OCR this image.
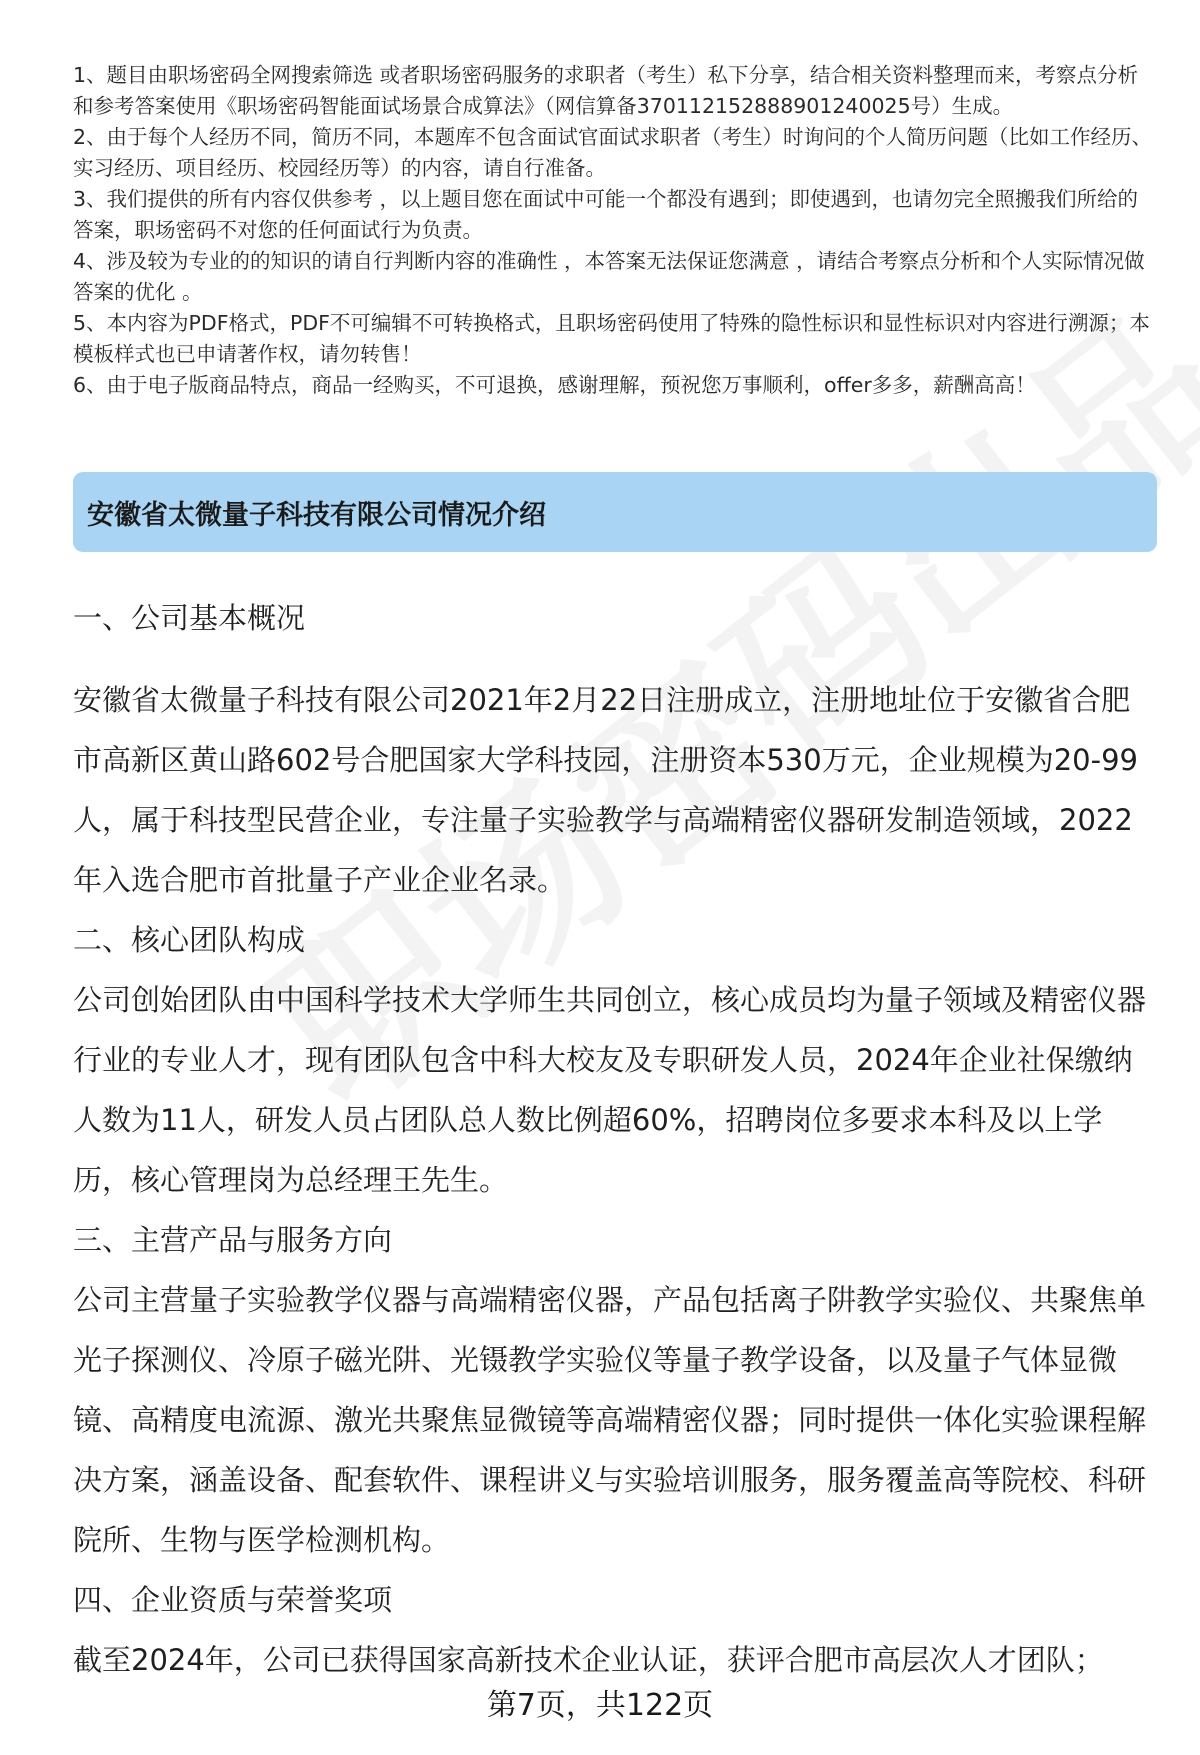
1、题目由职场密码全网搜索筛选 或者职场密码服务的求职者（考生）私下分享，结合相关资料整理而来，考察点分析和参考答案使用《职场密码智能面试场景合成算法》（网信算备370112152888901240025号）生成。

2、由于每个人经历不同，简历不同，本题库不包含面试官面试求职者（考生）时询问的个人简历问题（比如工作经历、实习经历、项目经历、校园经历等）的内容，请自行准备。

3、我们提供的所有内容仅供参考 ，以上题目您在面试中可能一个都没有遇到；即使遇到，也请勿完全照搬我们所给的答案，职场密码不对您的任何面试行为负责。

4、涉及较为专业的的知识的请自行判断内容的准确性 ，本答案无法保证您满意 ，请结合考察点分析和个人实际情况做答案的优化 。

5、本内容为PDF格式，PDF不可编辑不可转换格式，且职场密码使用了特殊的隐性标识和显性标识对内容进行溯源；本模板样式也已申请著作权，请勿转售！

6、由于电子版商品特点，商品一经购买，不可退换，感谢理解，预祝您万事顺利，offer多多，薪酬高高！

安徽省太微量子科技有限公司情况介绍

一、公司基本概况

安徽省太微量子科技有限公司2021年2月22日注册成立，注册地址位于安徽省合肥市高新区黄山路602号合肥国家大学科技园，注册资本530万元，企业规模为20-99人，属于科技型民营企业，专注量子实验教学与高端精密仪器研发制造领域，2022年入选合肥市首批量子产业企业名录。

二、核心团队构成

公司创始团队由中国科学技术大学师生共同创立，核心成员均为量子领域及精密仪器行业的专业人才，现有团队包含中科大校友及专职研发人员，2024年企业社保缴纳人数为11人，研发人员占团队总人数比例超60%，招聘岗位多要求本科及以上学历，核心管理岗为总经理王先生。

三、主营产品与服务方向

公司主营量子实验教学仪器与高端精密仪器，产品包括离子阱教学实验仪、共聚焦单光子探测仪、冷原子磁光阱、光镊教学实验仪等量子教学设备，以及量子气体显微镜、高精度电流源、激光共聚焦显微镜等高端精密仪器；同时提供一体化实验课程解决方案，涵盖设备、配套软件、课程讲义与实验培训服务，服务覆盖高等院校、科研院所、生物与医学检测机构。

四、企业资质与荣誉奖项

截至2024年，公司已获得国家高新技术企业认证，获评合肥市高层次人才团队；

第7页，共122页
